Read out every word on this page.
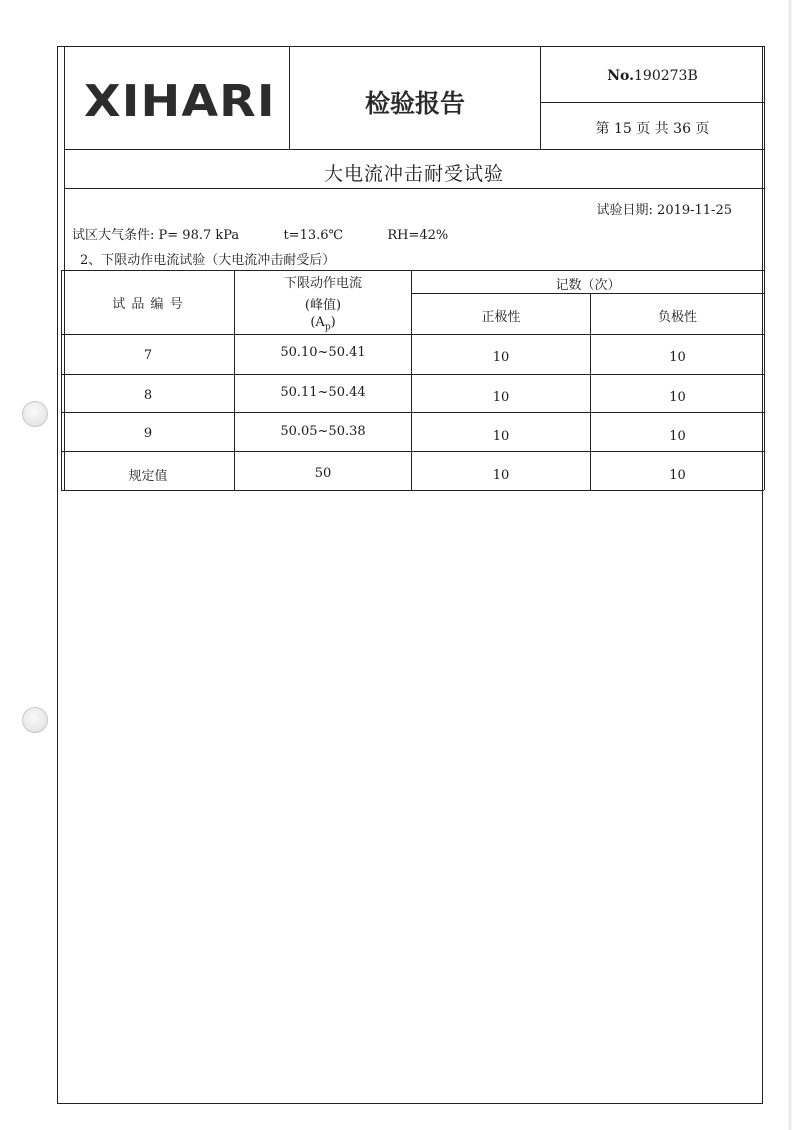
XIHARI	检验报告
No.190273B
第 15 页 共 36 页
大电流冲击耐受试验
试验日期: 2019-11-25
试区大气条件: P= 98.7 kPa	t=13.6℃	RH=42%
2、下限动作电流试验（大电流冲击耐受后）
试 品 编 号
下限动作电流
(峰值)
$(A_p)$
记数（次）
正极性	负极性
7	50.10~50.41	10	10
8	50.11~50.44	10	10
9	50.05~50.38	10	10
规定值	50	10	10
